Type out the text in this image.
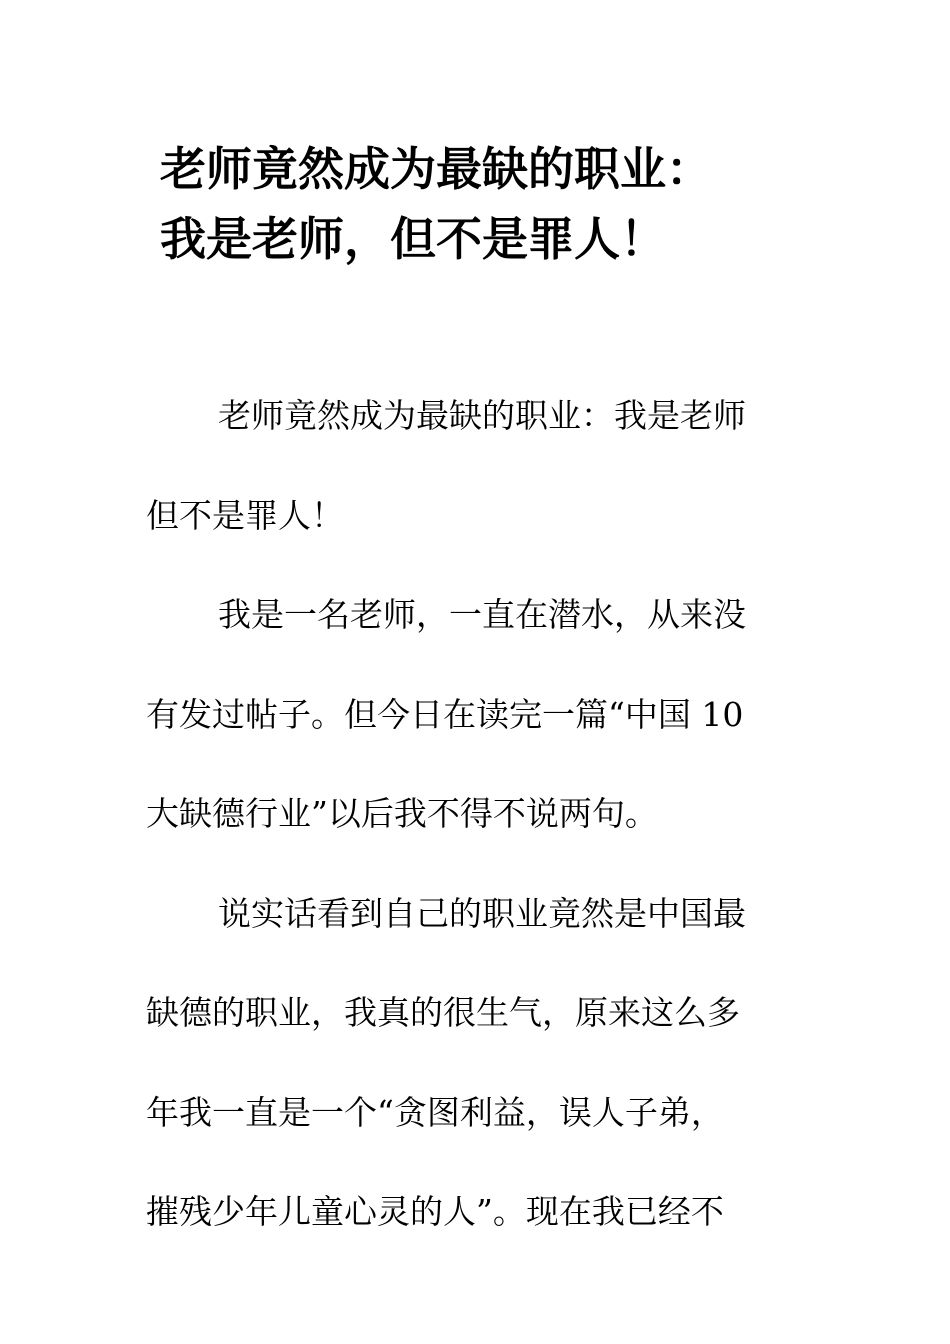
老师竟然成为最缺的职业：
我是老师，但不是罪人！
老师竟然成为最缺的职业：我是老师
但不是罪人！
我是一名老师，一直在潜水，从来没
有发过帖子。但今日在读完一篇“中国 10
大缺德行业”以后我不得不说两句。
说实话看到自己的职业竟然是中国最
缺德的职业，我真的很生气，原来这么多
年我一直是一个“贪图利益，误人子弟，
摧残少年儿童心灵的人”。现在我已经不
